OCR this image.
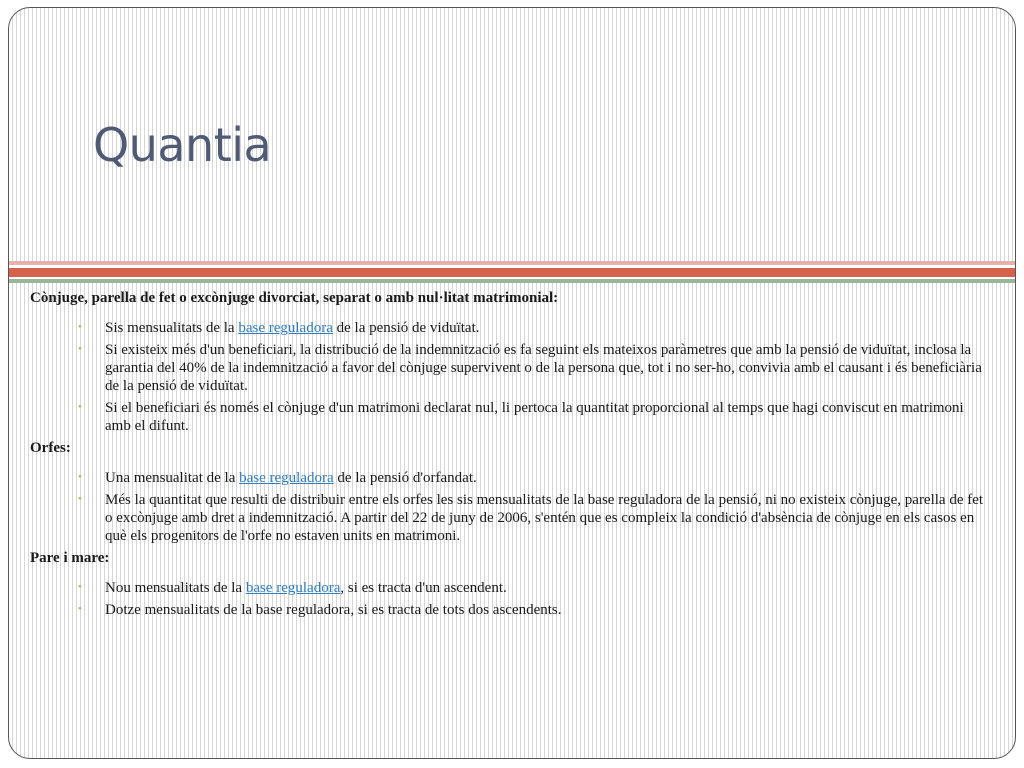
Quantia

Cònjuge, parella de fet o excònjuge divorciat, separat o amb nul·litat matrimonial:

• Sis mensualitats de la base reguladora de la pensió de viduïtat.
• Si existeix més d'un beneficiari, la distribució de la indemnització es fa seguint els mateixos paràmetres que amb la pensió de viduïtat, inclosa la garantia del 40% de la indemnització a favor del cònjuge supervivent o de la persona que, tot i no ser-ho, convivia amb el causant i és beneficiària de la pensió de viduïtat.
• Si el beneficiari és només el cònjuge d'un matrimoni declarat nul, li pertoca la quantitat proporcional al temps que hagi conviscut en matrimoni amb el difunt.

Orfes:

• Una mensualitat de la base reguladora de la pensió d'orfandat.
• Més la quantitat que resulti de distribuir entre els orfes les sis mensualitats de la base reguladora de la pensió, ni no existeix cònjuge, parella de fet o excònjuge amb dret a indemnització. A partir del 22 de juny de 2006, s'entén que es compleix la condició d'absència de cònjuge en els casos en què els progenitors de l'orfe no estaven units en matrimoni.

Pare i mare:

• Nou mensualitats de la base reguladora, si es tracta d'un ascendent.
• Dotze mensualitats de la base reguladora, si es tracta de tots dos ascendents.
